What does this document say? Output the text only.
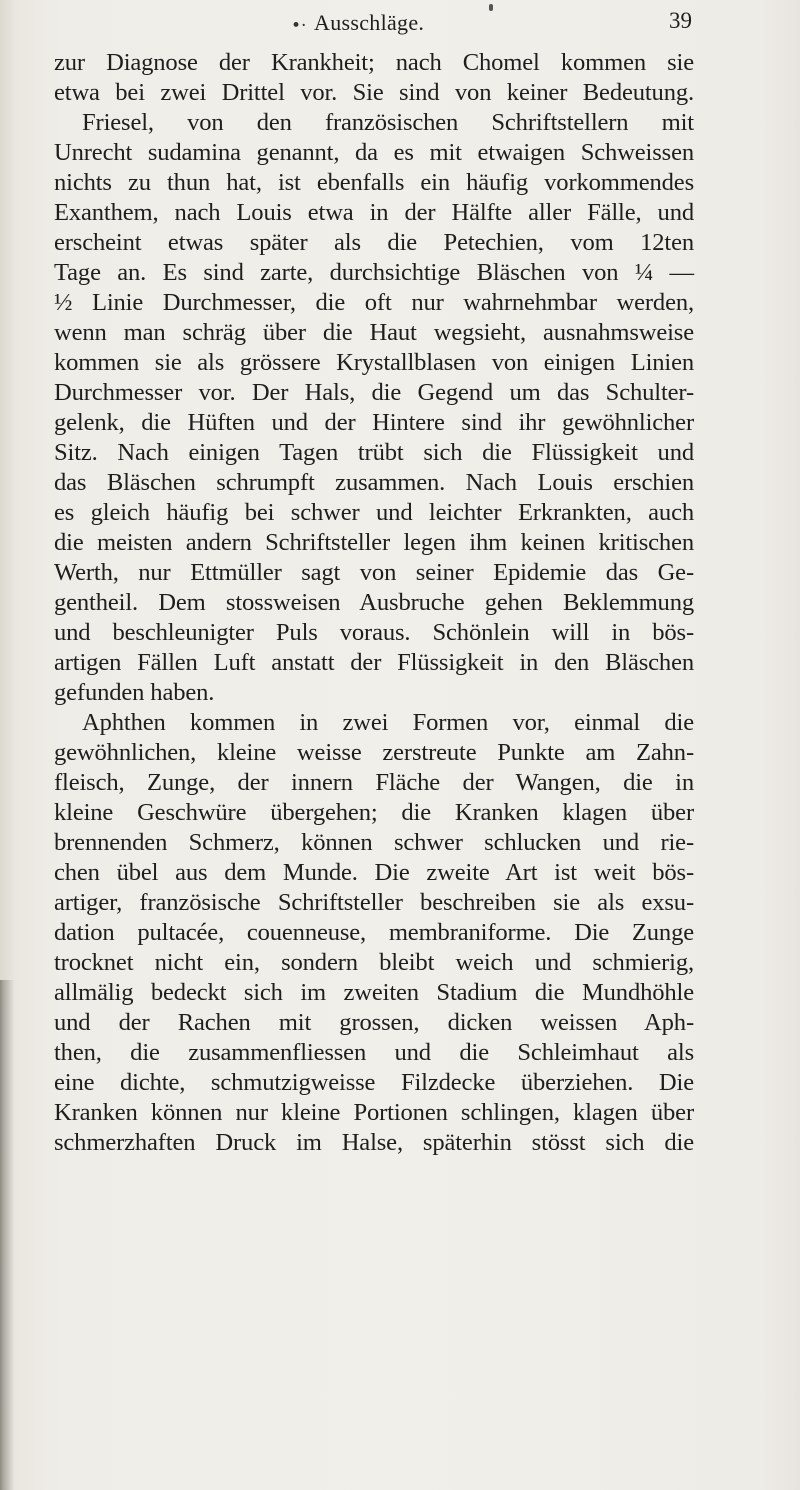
•· Ausschläge.	39
zur Diagnose der Krankheit; nach Chomel kommen sie
etwa bei zwei Drittel vor. Sie sind von keiner Bedeutung.
Friesel, von den französischen Schriftstellern mit
Unrecht sudamina genannt, da es mit etwaigen Schweissen
nichts zu thun hat, ist ebenfalls ein häufig vorkommendes
Exanthem, nach Louis etwa in der Hälfte aller Fälle, und
erscheint etwas später als die Petechien, vom 12ten
Tage an. Es sind zarte, durchsichtige Bläschen von ¼ —
½ Linie Durchmesser, die oft nur wahrnehmbar werden,
wenn man schräg über die Haut wegsieht, ausnahmsweise
kommen sie als grössere Krystallblasen von einigen Linien
Durchmesser vor. Der Hals, die Gegend um das Schulter-
gelenk, die Hüften und der Hintere sind ihr gewöhnlicher
Sitz. Nach einigen Tagen trübt sich die Flüssigkeit und
das Bläschen schrumpft zusammen. Nach Louis erschien
es gleich häufig bei schwer und leichter Erkrankten, auch
die meisten andern Schriftsteller legen ihm keinen kritischen
Werth, nur Ettmüller sagt von seiner Epidemie das Ge-
gentheil. Dem stossweisen Ausbruche gehen Beklemmung
und beschleunigter Puls voraus. Schönlein will in bös-
artigen Fällen Luft anstatt der Flüssigkeit in den Bläschen
gefunden haben.
Aphthen kommen in zwei Formen vor, einmal die
gewöhnlichen, kleine weisse zerstreute Punkte am Zahn-
fleisch, Zunge, der innern Fläche der Wangen, die in
kleine Geschwüre übergehen; die Kranken klagen über
brennenden Schmerz, können schwer schlucken und rie-
chen übel aus dem Munde. Die zweite Art ist weit bös-
artiger, französische Schriftsteller beschreiben sie als exsu-
dation pultacée, couenneuse, membraniforme. Die Zunge
trocknet nicht ein, sondern bleibt weich und schmierig,
allmälig bedeckt sich im zweiten Stadium die Mundhöhle
und der Rachen mit grossen, dicken weissen Aph-
then, die zusammenfliessen und die Schleimhaut als
eine dichte, schmutzigweisse Filzdecke überziehen. Die
Kranken können nur kleine Portionen schlingen, klagen über
schmerzhaften Druck im Halse, späterhin stösst sich die
